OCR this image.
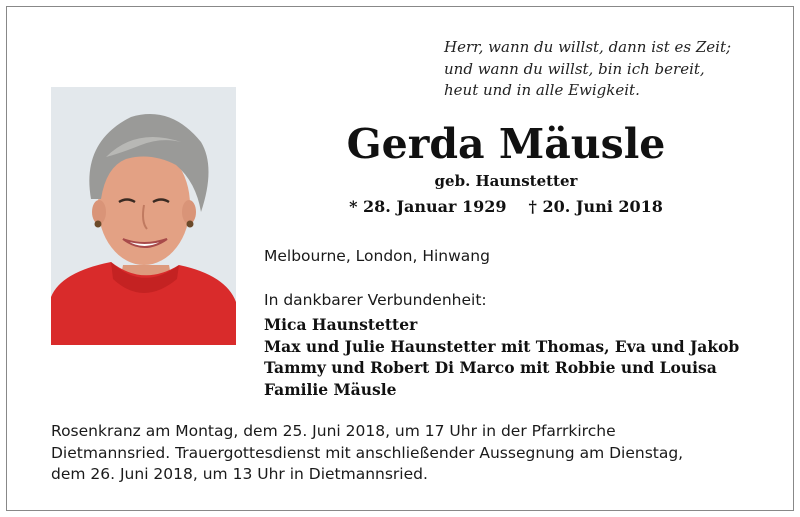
Herr, wann du willst, dann ist es Zeit;
und wann du willst, bin ich bereit,
heut und in alle Ewigkeit.
Gerda Mäusle
geb. Haunstetter
* 28. Januar 1929 † 20. Juni 2018
Melbourne, London, Hinwang
In dankbarer Verbundenheit:
Mica Haunstetter
Max und Julie Haunstetter mit Thomas, Eva und Jakob
Tammy und Robert Di Marco mit Robbie und Louisa
Familie Mäusle
Rosenkranz am Montag, dem 25. Juni 2018, um 17 Uhr in der Pfarrkirche
Dietmannsried. Trauergottesdienst mit anschließender Aussegnung am Dienstag,
dem 26. Juni 2018, um 13 Uhr in Dietmannsried.
